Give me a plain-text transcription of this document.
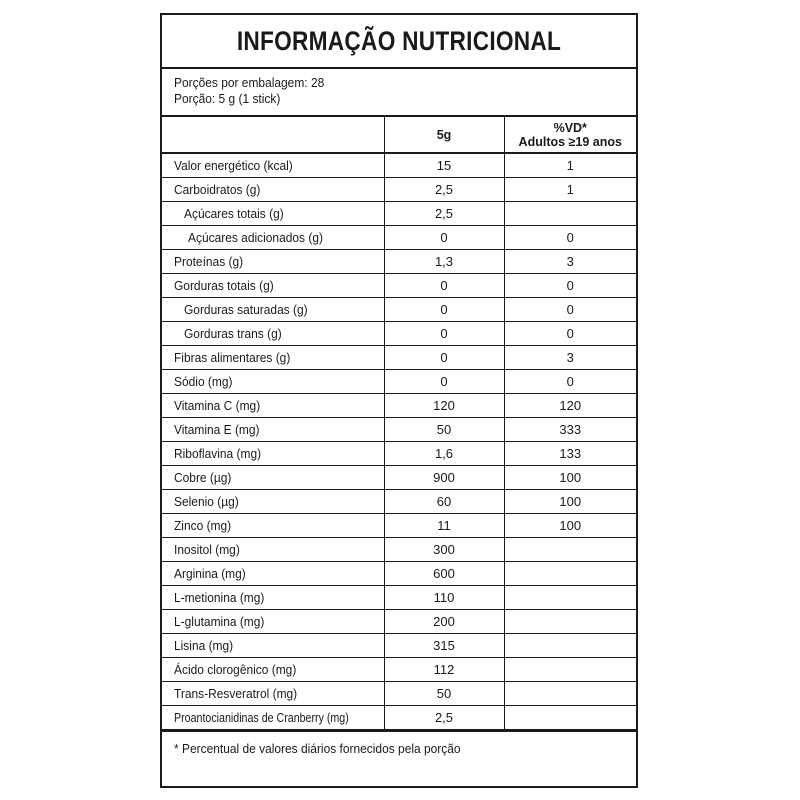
INFORMAÇÃO NUTRICIONAL
Porções por embalagem: 28
Porção: 5 g (1 stick)
	5g	%VD*
Adultos ≥19 anos

Valor energético (kcal)	15	1
Carboidratos (g)	2,5	1
Açúcares totais (g)	2,5	
Açúcares adicionados (g)	0	0
Proteínas (g)	1,3	3
Gorduras totais (g)	0	0
Gorduras saturadas (g)	0	0
Gorduras trans (g)	0	0
Fibras alimentares (g)	0	3
Sódio (mg)	0	0
Vitamina C (mg)	120	120
Vitamina E (mg)	50	333
Riboflavina (mg)	1,6	133
Cobre (µg)	900	100
Selenio (µg)	60	100
Zinco (mg)	11	100
Inositol (mg)	300	
Arginina (mg)	600	
L-metionina (mg)	110	
L-glutamina (mg)	200	
Lisina (mg)	315	
Ácido clorogênico (mg)	112	
Trans-Resveratrol (mg)	50	
Proantocianidinas de Cranberry (mg)	2,5	
* Percentual de valores diários fornecidos pela porção
